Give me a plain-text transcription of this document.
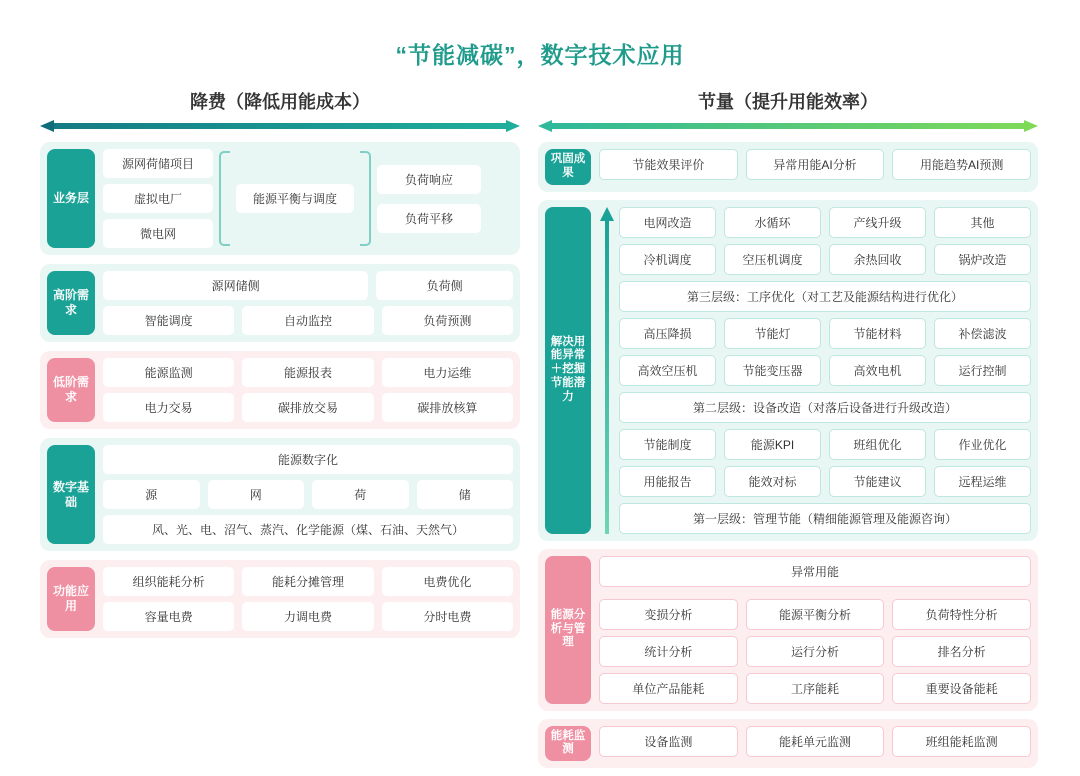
“节能减碳”，数字技术应用
降费（降低用能成本）	节量（提升用能效率）
业务层
源网荷储项目
虚拟电厂
微电网
能源平衡与调度
负荷响应
负荷平移
高阶需求
源网储侧	负荷侧
智能调度	自动监控	负荷预测
低阶需求
能源监测	能源报表	电力运维
电力交易	碳排放交易	碳排放核算
数字基础
能源数字化
源	网	荷	储
风、光、电、沼气、蒸汽、化学能源（煤、石油、天然气）
功能应用
组织能耗分析	能耗分摊管理	电费优化
容量电费	力调电费	分时电费
巩固成果
节能效果评价	异常用能AI分析	用能趋势AI预测
解决用能异常＋挖掘节能潜力
电网改造	水循环	产线升级	其他
冷机调度	空压机调度	余热回收	锅炉改造
第三层级：工序优化（对工艺及能源结构进行优化）
高压降损	节能灯	节能材料	补偿滤波
高效空压机	节能变压器	高效电机	运行控制
第二层级：设备改造（对落后设备进行升级改造）
节能制度	能源KPI	班组优化	作业优化
用能报告	能效对标	节能建议	远程运维
第一层级：管理节能（精细能源管理及能源咨询）
能源分析与管理
异常用能
变损分析	能源平衡分析	负荷特性分析
统计分析	运行分析	排名分析
单位产品能耗	工序能耗	重要设备能耗
能耗监测
设备监测	能耗单元监测	班组能耗监测
